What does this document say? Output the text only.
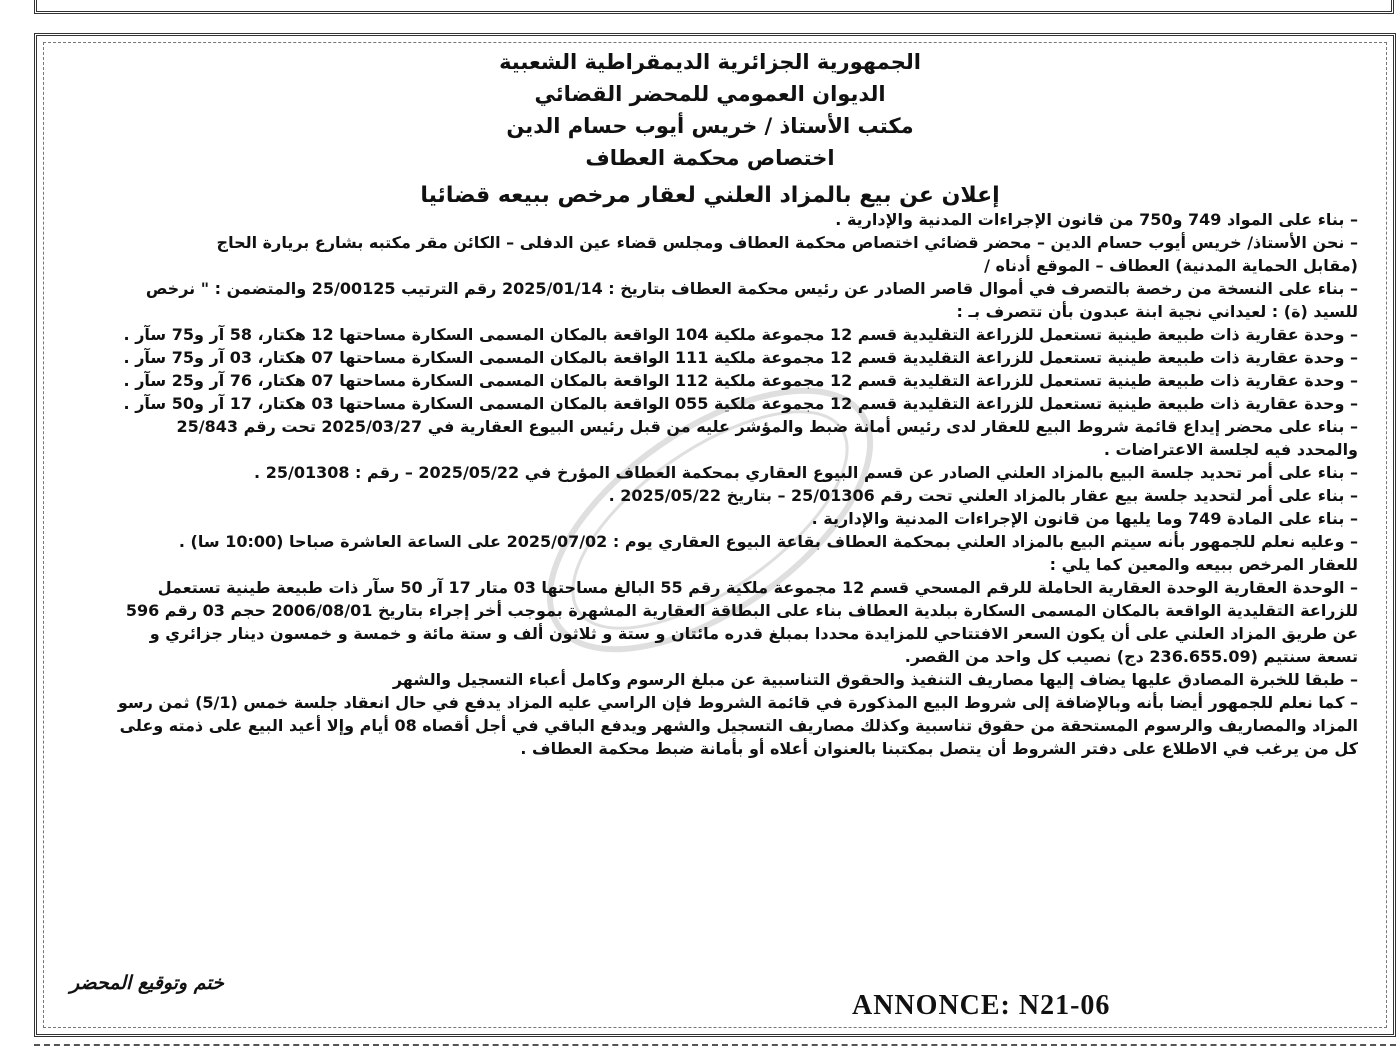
الجمهورية الجزائرية الديمقراطية الشعبية
الديوان العمومي للمحضر القضائي
مكتب الأستاذ / خريس أيوب حسام الدين
اختصاص محكمة العطاف
إعلان عن بيع بالمزاد العلني لعقار مرخص ببيعه قضائيا
– بناء على المواد 749 و750 من قانون الإجراءات المدنية والإدارية .
– نحن الأستاذ/ خريس أيوب حسام الدين – محضر قضائي اختصاص محكمة العطاف ومجلس قضاء عين الدفلى – الكائن مقر مكتبه بشارع بريارة الحاج
(مقابل الحماية المدنية) العطاف – الموقع أدناه /
– بناء على النسخة من رخصة بالتصرف في أموال قاصر الصادر عن رئيس محكمة العطاف بتاريخ : 2025/01/14 رقم الترتيب 25/00125 والمتضمن : " نرخص
للسيد (ة) : لعيداني نجية ابنة عبدون بأن تتصرف بـ :
– وحدة عقارية ذات طبيعة طينية تستعمل للزراعة التقليدية قسم 12 مجموعة ملكية 104 الواقعة بالمكان المسمى السكارة مساحتها 12 هكتار، 58 آر و75 سآر .
– وحدة عقارية ذات طبيعة طينية تستعمل للزراعة التقليدية قسم 12 مجموعة ملكية 111 الواقعة بالمكان المسمى السكارة مساحتها 07 هكتار، 03 آر و75 سآر .
– وحدة عقارية ذات طبيعة طينية تستعمل للزراعة التقليدية قسم 12 مجموعة ملكية 112 الواقعة بالمكان المسمى السكارة مساحتها 07 هكتار، 76 آر و25 سآر .
– وحدة عقارية ذات طبيعة طينية تستعمل للزراعة التقليدية قسم 12 مجموعة ملكية 055 الواقعة بالمكان المسمى السكارة مساحتها 03 هكتار، 17 آر و50 سآر .
– بناء على محضر إيداع قائمة شروط البيع للعقار لدى رئيس أمانة ضبط والمؤشر عليه من قبل رئيس البيوع العقارية في 2025/03/27 تحت رقم 25/843
والمحدد فيه لجلسة الاعتراضات .
– بناء على أمر تحديد جلسة البيع بالمزاد العلني الصادر عن قسم البيوع العقاري بمحكمة العطاف المؤرخ في 2025/05/22 – رقم : 25/01308 .
– بناء على أمر لتحديد جلسة بيع عقار بالمزاد العلني تحت رقم 25/01306 – بتاريخ 2025/05/22 .
– بناء على المادة 749 وما يليها من قانون الإجراءات المدنية والإدارية .
– وعليه نعلم للجمهور بأنه سيتم البيع بالمزاد العلني بمحكمة العطاف بقاعة البيوع العقاري يوم : 2025/07/02 على الساعة العاشرة صباحا (10:00 سا) .
للعقار المرخص ببيعه والمعين كما يلي :
– الوحدة العقارية الوحدة العقارية الحاملة للرقم المسحي قسم 12 مجموعة ملكية رقم 55 البالغ مساحتها 03 متار 17 آر 50 سآر ذات طبيعة طينية تستعمل
للزراعة التقليدية الواقعة بالمكان المسمى السكارة ببلدية العطاف بناء على البطاقة العقارية المشهرة بموجب أخر إجراء بتاريخ 2006/08/01 حجم 03 رقم 596
عن طريق المزاد العلني على أن يكون السعر الافتتاحي للمزايدة محددا بمبلغ قدره مائتان و ستة و ثلاثون ألف و ستة مائة و خمسة و خمسون دينار جزائري و
تسعة سنتيم (236.655.09 دج) نصيب كل واحد من القصر.
– طبقا للخبرة المصادق عليها يضاف إليها مصاريف التنفيذ والحقوق التناسبية عن مبلغ الرسوم وكامل أعباء التسجيل والشهر
– كما نعلم للجمهور أيضا بأنه وبالإضافة إلى شروط البيع المذكورة في قائمة الشروط فإن الراسي عليه المزاد يدفع في حال انعقاد جلسة خمس (5/1) ثمن رسو
المزاد والمصاريف والرسوم المستحقة من حقوق تناسبية وكذلك مصاريف التسجيل والشهر ويدفع الباقي في أجل أقصاه 08 أيام وإلا أعيد البيع على ذمته وعلى
كل من يرغب في الاطلاع على دفتر الشروط أن يتصل بمكتبنا بالعنوان أعلاه أو بأمانة ضبط محكمة العطاف .
ختم وتوقيع المحضر
ANNONCE: N21-06
